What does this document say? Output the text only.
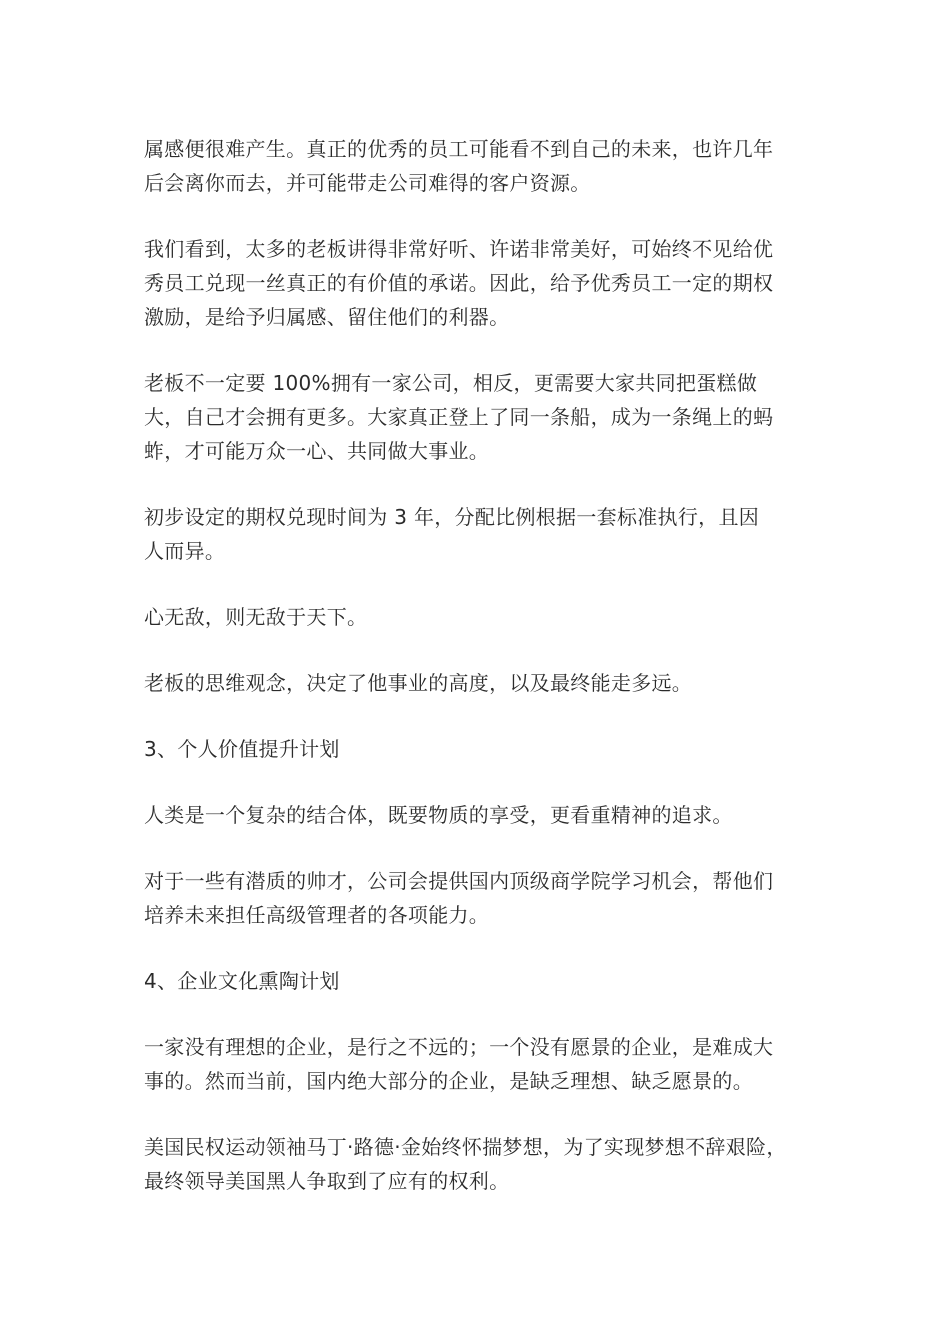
属感便很难产生。真正的优秀的员工可能看不到自己的未来，也许几年
后会离你而去，并可能带走公司难得的客户资源。

我们看到，太多的老板讲得非常好听、许诺非常美好，可始终不见给优
秀员工兑现一丝真正的有价值的承诺。因此，给予优秀员工一定的期权
激励，是给予归属感、留住他们的利器。

老板不一定要 100%拥有一家公司，相反，更需要大家共同把蛋糕做
大，自己才会拥有更多。大家真正登上了同一条船，成为一条绳上的蚂
蚱，才可能万众一心、共同做大事业。

初步设定的期权兑现时间为 3 年，分配比例根据一套标准执行，且因
人而异。

心无敌，则无敌于天下。

老板的思维观念，决定了他事业的高度，以及最终能走多远。

3、个人价值提升计划

人类是一个复杂的结合体，既要物质的享受，更看重精神的追求。

对于一些有潜质的帅才，公司会提供国内顶级商学院学习机会，帮他们
培养未来担任高级管理者的各项能力。

4、企业文化熏陶计划

一家没有理想的企业，是行之不远的；一个没有愿景的企业，是难成大
事的。然而当前，国内绝大部分的企业，是缺乏理想、缺乏愿景的。

美国民权运动领袖马丁·路德·金始终怀揣梦想，为了实现梦想不辞艰险，
最终领导美国黑人争取到了应有的权利。
